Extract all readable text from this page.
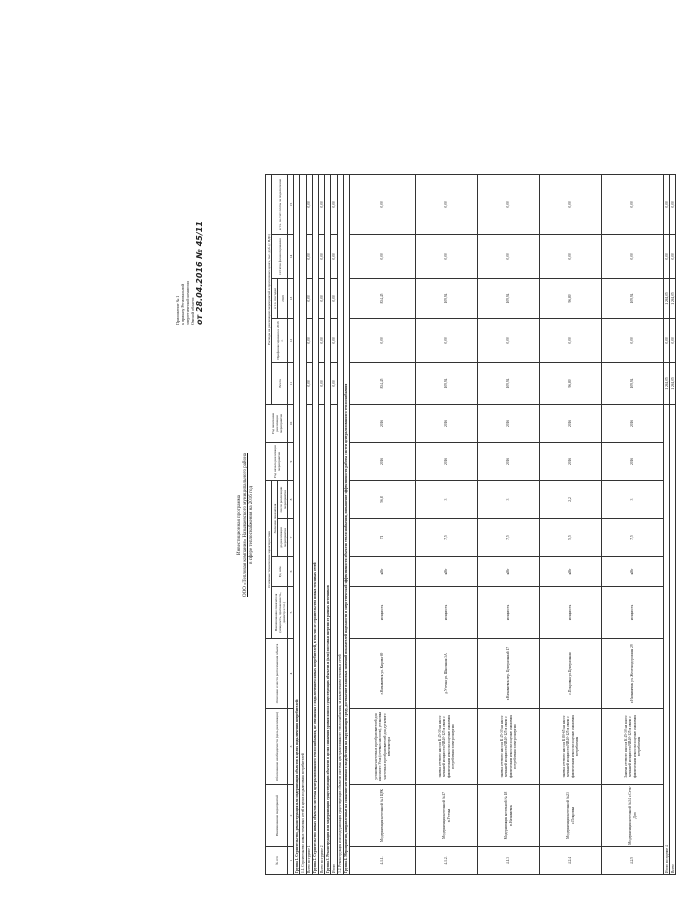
Приложение № 1 к приказу Региональной энергетической комиссии Омской области от 28.04.2016 № 45/11
Инвестиционная программа ООО «Тепловая компания» Называевского муниципального района в сфере теплоснабжения на 2016 год
№ п/п	Наименование мероприятий	Обоснование необходимости (цель реализации)	Описание и место расположения объекта	Основные технические характеристики				Год начала реализации мероприятия	Год окончания реализации мероприятия	Расходы на реализацию мероприятий в прогнозных ценах, тыс. руб. (с НДС)				
				Наименование показателя (мощность, протяженность, диаметр и т.п.)	Ед. изм.	Значение показателя				Всего	Профинансировано к 2016 г.	в т.ч. по годам	Остаток финансирования	в т.ч. за счет платы за подключение
						до реализации мероприятия	после реализации мероприятия					2016		
1	2	3	4	5	6	7	8	9	10	11	12	13	14	15
Группа 1. Строительство, реконструкция или модернизация объектов в целях подключения потребителей:														
1.1. Строительство новых тепловых сетей в целях подключения потребителей														
Всего по группе 1										0,00	0,00	0,00	0,00	0,00
Группа 2. Строительство новых объектов системы централизованного теплоснабжения, не связанных с подключением новых потребителей, в том числе строительство новых тепловых сетей														
Всего по группе 2										0,00	0,00	0,00	0,00	0,00
Группа 3. Реконструкция или модернизация существующих объектов в целях снижения уровня износа существующих объектов и (или) поставки энергии от разных источников														
Итого										0,00	0,00	0,00	0,00	0,00
3.2. Реконструкция или модернизация существующих объектов системы централизованного теплоснабжения, за исключением тепловых сетей														
Группа 4. Мероприятия, направленные на снижение негативного воздействия на окружающую среду, достижение плановых значений показателей надежности и энергетической эффективности объектов теплоснабжения, повышение эффективности работы систем централизованного теплоснабжения														
4.1.1.	Модернизация котельной №1 ЦРК	установка частотных преобразователей для насосного Узла (сетевых насосов), установка частотных преобразователей для дутьевого вентилятора	г.Называевск ул. Кирова 69	мощность	кВт	71	56,8	2016	2016	834,45	0,00	834,45	0,00	0,00
4.1.2.	Модернизация котельной №17 п.Утечка	замена сетевого насоса К 45-30 на насос меньшей мощности NB40-125 в связи с фактическим износом и целью снижения потребления электроэнергии	д.Утечка ул. Школьная 3А	мощность	кВт	7,5	3	2016	2016	109,94	0,00	109,94	0,00	0,00
4.1.3	Модернизация котельной № 18 п.Называевск	замена сетевого насоса К 45-30 на насос меньшей мощности NB40-125 в связи с фактическим износом и целью снижения потребления электроэнергии	г.Называевск пер. Центральный 17	мощность	кВт	7,5	3	2016	2016	109,94	0,00	109,94	0,00	0,00
4.2.4	Модернизация котельной №23 с.Покровка	замена сетевого насоса К 80-65 на насос меньшей мощности NB40-125 в связи с фактическим износом и целью снижения потребления	с.Покровка ул.Центральная	мощность	кВт	5,5	2,2	2016	2016	96,80	0,00	96,80	0,00	0,00
4.2.5	Модернизация котельной №34 с.Сеть-Доп	Замена сетевого насоса К 45-30 на насос меньшей мощности NB40-125 в связи с фактическим износом и целью снижения потребления	г.Называевск ул. Железнодорожная 29	мощность	кВт	7,5	3	2016	2016	109,94	0,00	109,94	0,00	0,00
Итого по группе 4										1 261,05	0,00	1 261,05	0,00	0,00
Всего										1 261,05	0,00	1 261,05	0,00	0,00
